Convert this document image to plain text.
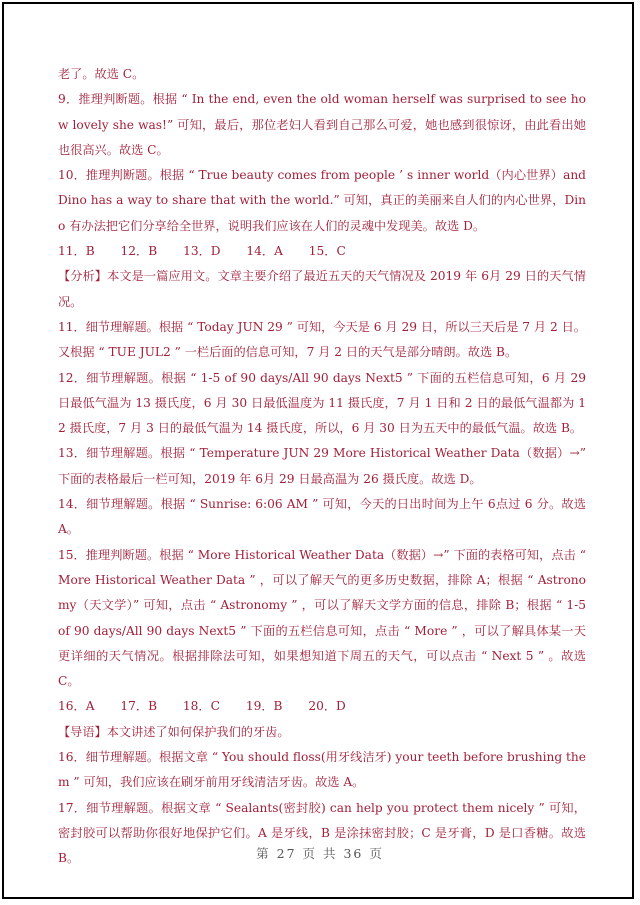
老了。故选 C。

9．推理判断题。根据 “ In the end, even the old woman herself was surprised to see how lovely she was!” 可知，最后，那位老妇人看到自己那么可爱，她也感到很惊讶，由此看出她也很高兴。故选 C。

10．推理判断题。根据 “ True beauty comes from people ’ s inner world（内心世界）and Dino has a way to share that with the world.” 可知，真正的美丽来自人们的内心世界，Dino 有办法把它们分享给全世界，说明我们应该在人们的灵魂中发现美。故选 D。

11．B 12．B 13．D 14．A 15．C

【分析】本文是一篇应用文。文章主要介绍了最近五天的天气情况及 2019 年 6月 29 日的天气情况。

11．细节理解题。根据 “ Today JUN 29 ” 可知，今天是 6 月 29 日，所以三天后是 7 月 2 日。又根据 “ TUE JUL2 ” 一栏后面的信息可知，7 月 2 日的天气是部分晴朗。故选 B。

12．细节理解题。根据 “ 1-5 of 90 days/All 90 days Next5 ” 下面的五栏信息可知，6 月 29 日最低气温为 13 摄氏度，6 月 30 日最低温度为 11 摄氏度，7 月 1 日和 2 日的最低气温都为 12 摄氏度，7 月 3 日的最低气温为 14 摄氏度，所以，6 月 30 日为五天中的最低气温。故选 B。

13．细节理解题。根据 “ Temperature JUN 29 More Historical Weather Data（数据）→” 下面的表格最后一栏可知，2019 年 6月 29 日最高温为 26 摄氏度。故选 D。

14．细节理解题。根据 “ Sunrise: 6:06 AM ” 可知，今天的日出时间为上午 6点过 6 分。故选 A。

15．推理判断题。根据 “ More Historical Weather Data（数据）→” 下面的表格可知，点击 “ More Historical Weather Data ” ，可以了解天气的更多历史数据，排除 A；根据 “ Astronomy（天文学）” 可知，点击 “ Astronomy ” ，可以了解天文学方面的信息，排除 B；根据 “ 1-5 of 90 days/All 90 days Next5 ” 下面的五栏信息可知，点击 “ More ” ，可以了解具体某一天更详细的天气情况。根据排除法可知，如果想知道下周五的天气，可以点击 “ Next 5 ” 。故选 C。

16．A 17．B 18．C 19．B 20．D

【导语】本文讲述了如何保护我们的牙齿。

16．细节理解题。根据文章 “ You should floss(用牙线洁牙) your teeth before brushing them ” 可知，我们应该在刷牙前用牙线清洁牙齿。故选 A。

17．细节理解题。根据文章 “ Sealants(密封胶) can help you protect them nicely ” 可知，密封胶可以帮助你很好地保护它们。A 是牙线，B 是涂抹密封胶；C 是牙膏，D 是口香糖。故选 B。	第 27 页 共 36 页
